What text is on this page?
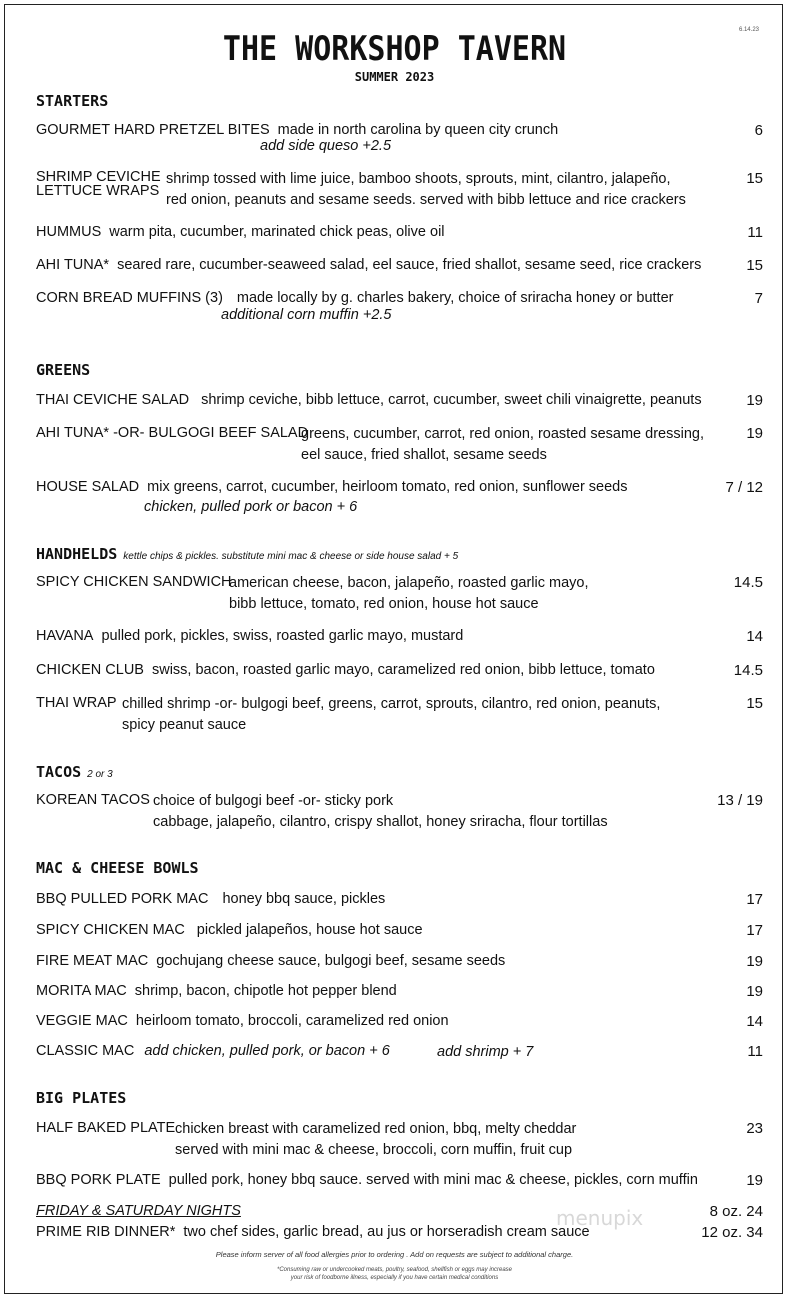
6.14.23
THE WORKSHOP TAVERN
SUMMER 2023
STARTERS
GOURMET HARD PRETZEL BITES made in north carolina by queen city crunch
add side queso +2.5
6
SHRIMP CEVICHE
LETTUCE WRAPS
shrimp tossed with lime juice, bamboo shoots, sprouts, mint, cilantro, jalapeño,
red onion, peanuts and sesame seeds. served with bibb lettuce and rice crackers
15
HUMMUS warm pita, cucumber, marinated chick peas, olive oil	11
AHI TUNA* seared rare, cucumber-seaweed salad, eel sauce, fried shallot, sesame seed, rice crackers	15
CORN BREAD MUFFINS (3) made locally by g. charles bakery, choice of sriracha honey or butter
additional corn muffin +2.5
7
GREENS
THAI CEVICHE SALAD shrimp ceviche, bibb lettuce, carrot, cucumber, sweet chili vinaigrette, peanuts	19
AHI TUNA* -OR- BULGOGI BEEF SALAD
greens, cucumber, carrot, red onion, roasted sesame dressing,
eel sauce, fried shallot, sesame seeds
19
HOUSE SALAD mix greens, carrot, cucumber, heirloom tomato, red onion, sunflower seeds
chicken, pulled pork or bacon + 6
7 / 12
HANDHELDS kettle chips & pickles. substitute mini mac & cheese or side house salad + 5
SPICY CHICKEN SANDWICH
american cheese, bacon, jalapeño, roasted garlic mayo,
bibb lettuce, tomato, red onion, house hot sauce
14.5
HAVANA pulled pork, pickles, swiss, roasted garlic mayo, mustard	14
CHICKEN CLUB swiss, bacon, roasted garlic mayo, caramelized red onion, bibb lettuce, tomato	14.5
THAI WRAP chilled shrimp -or- bulgogi beef, greens, carrot, sprouts, cilantro, red onion, peanuts,
spicy peanut sauce
15
TACOS 2 or 3
KOREAN TACOS choice of bulgogi beef -or- sticky pork
cabbage, jalapeño, cilantro, crispy shallot, honey sriracha, flour tortillas
13 / 19
MAC & CHEESE BOWLS
BBQ PULLED PORK MAC honey bbq sauce, pickles	17
SPICY CHICKEN MAC pickled jalapeños, house hot sauce	17
FIRE MEAT MAC gochujang cheese sauce, bulgogi beef, sesame seeds	19
MORITA MAC shrimp, bacon, chipotle hot pepper blend	19
VEGGIE MAC heirloom tomato, broccoli, caramelized red onion	14
CLASSIC MAC add chicken, pulled pork, or bacon + 6	add shrimp + 7	11
BIG PLATES
HALF BAKED PLATE chicken breast with caramelized red onion, bbq, melty cheddar
served with mini mac & cheese, broccoli, corn muffin, fruit cup
23
BBQ PORK PLATE pulled pork, honey bbq sauce. served with mini mac & cheese, pickles, corn muffin	19
FRIDAY & SATURDAY NIGHTS	8 oz. 24
PRIME RIB DINNER* two chef sides, garlic bread, au jus or horseradish cream sauce	12 oz. 34
menupix
Please inform server of all food allergies prior to ordering . Add on requests are subject to additional charge.
*Consuming raw or undercooked meats, poultry, seafood, shellfish or eggs may increase
your risk of foodborne illness, especially if you have certain medical conditions
